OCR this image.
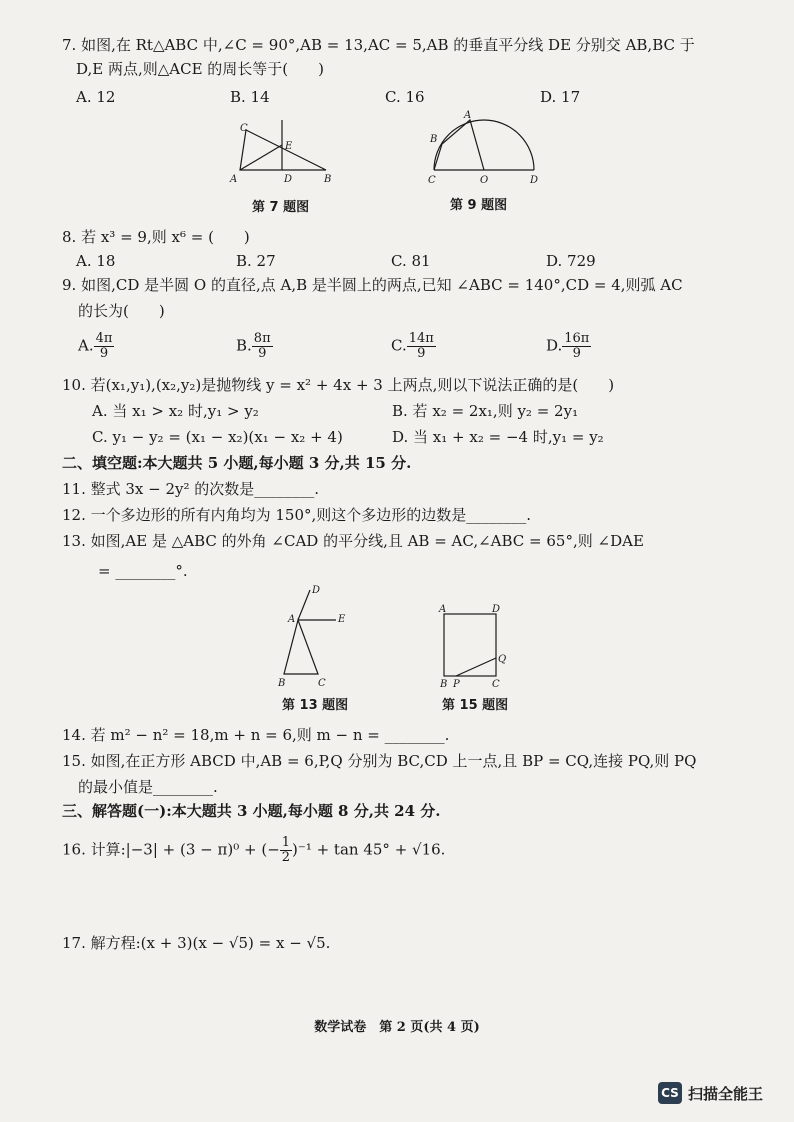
7. 如图,在 Rt△ABC 中,∠C = 90°,AB = 13,AC = 5,AB 的垂直平分线 DE 分别交 AB,BC 于
D,E 两点,则△ACE 的周长等于(　　)
A. 12	B. 14	C. 16	D. 17
C
E
A	D	B
第 7 题图
A
B
C	O	D
第 9 题图
8. 若 x³ = 9,则 x⁶ = (　　)
A. 18	B. 27	C. 81	D. 729
9. 如图,CD 是半圆 O 的直径,点 A,B 是半圆上的两点,已知 ∠ABC = 140°,CD = 4,则弧 AC
的长为(　　)
A. $\frac{4\pi}{9}$	B. $\frac{8\pi}{9}$	C. $\frac{14\pi}{9}$	D. $\frac{16\pi}{9}$
10. 若(x₁,y₁),(x₂,y₂)是抛物线 y = x² + 4x + 3 上两点,则以下说法正确的是(　　)
A. 当 x₁ > x₂ 时,y₁ > y₂	B. 若 x₂ = 2x₁,则 y₂ = 2y₁
C. y₁ − y₂ = (x₁ − x₂)(x₁ − x₂ + 4)	D. 当 x₁ + x₂ = −4 时,y₁ = y₂
二、填空题:本大题共 5 小题,每小题 3 分,共 15 分.
11. 整式 3x − 2y² 的次数是________.
12. 一个多边形的所有内角均为 150°,则这个多边形的边数是________.
13. 如图,AE 是 △ABC 的外角 ∠CAD 的平分线,且 AB = AC,∠ABC = 65°,则 ∠DAE
= ________°.
D
A	E
B	C
第 13 题图
A	D
Q
B P	C
第 15 题图
14. 若 m² − n² = 18,m + n = 6,则 m − n = ________.
15. 如图,在正方形 ABCD 中,AB = 6,P,Q 分别为 BC,CD 上一点,且 BP = CQ,连接 PQ,则 PQ
的最小值是________.
三、解答题(一):本大题共 3 小题,每小题 8 分,共 24 分.
16. 计算:|−3| + (3 − π)⁰ + (− $\frac{1}{2} )^{-1} + \tan 45^\circ + √16$.
17. 解方程:(x + 3)(x − √5) = x − √5.
数学试卷　第 2 页(共 4 页)
CS 扫描全能王
